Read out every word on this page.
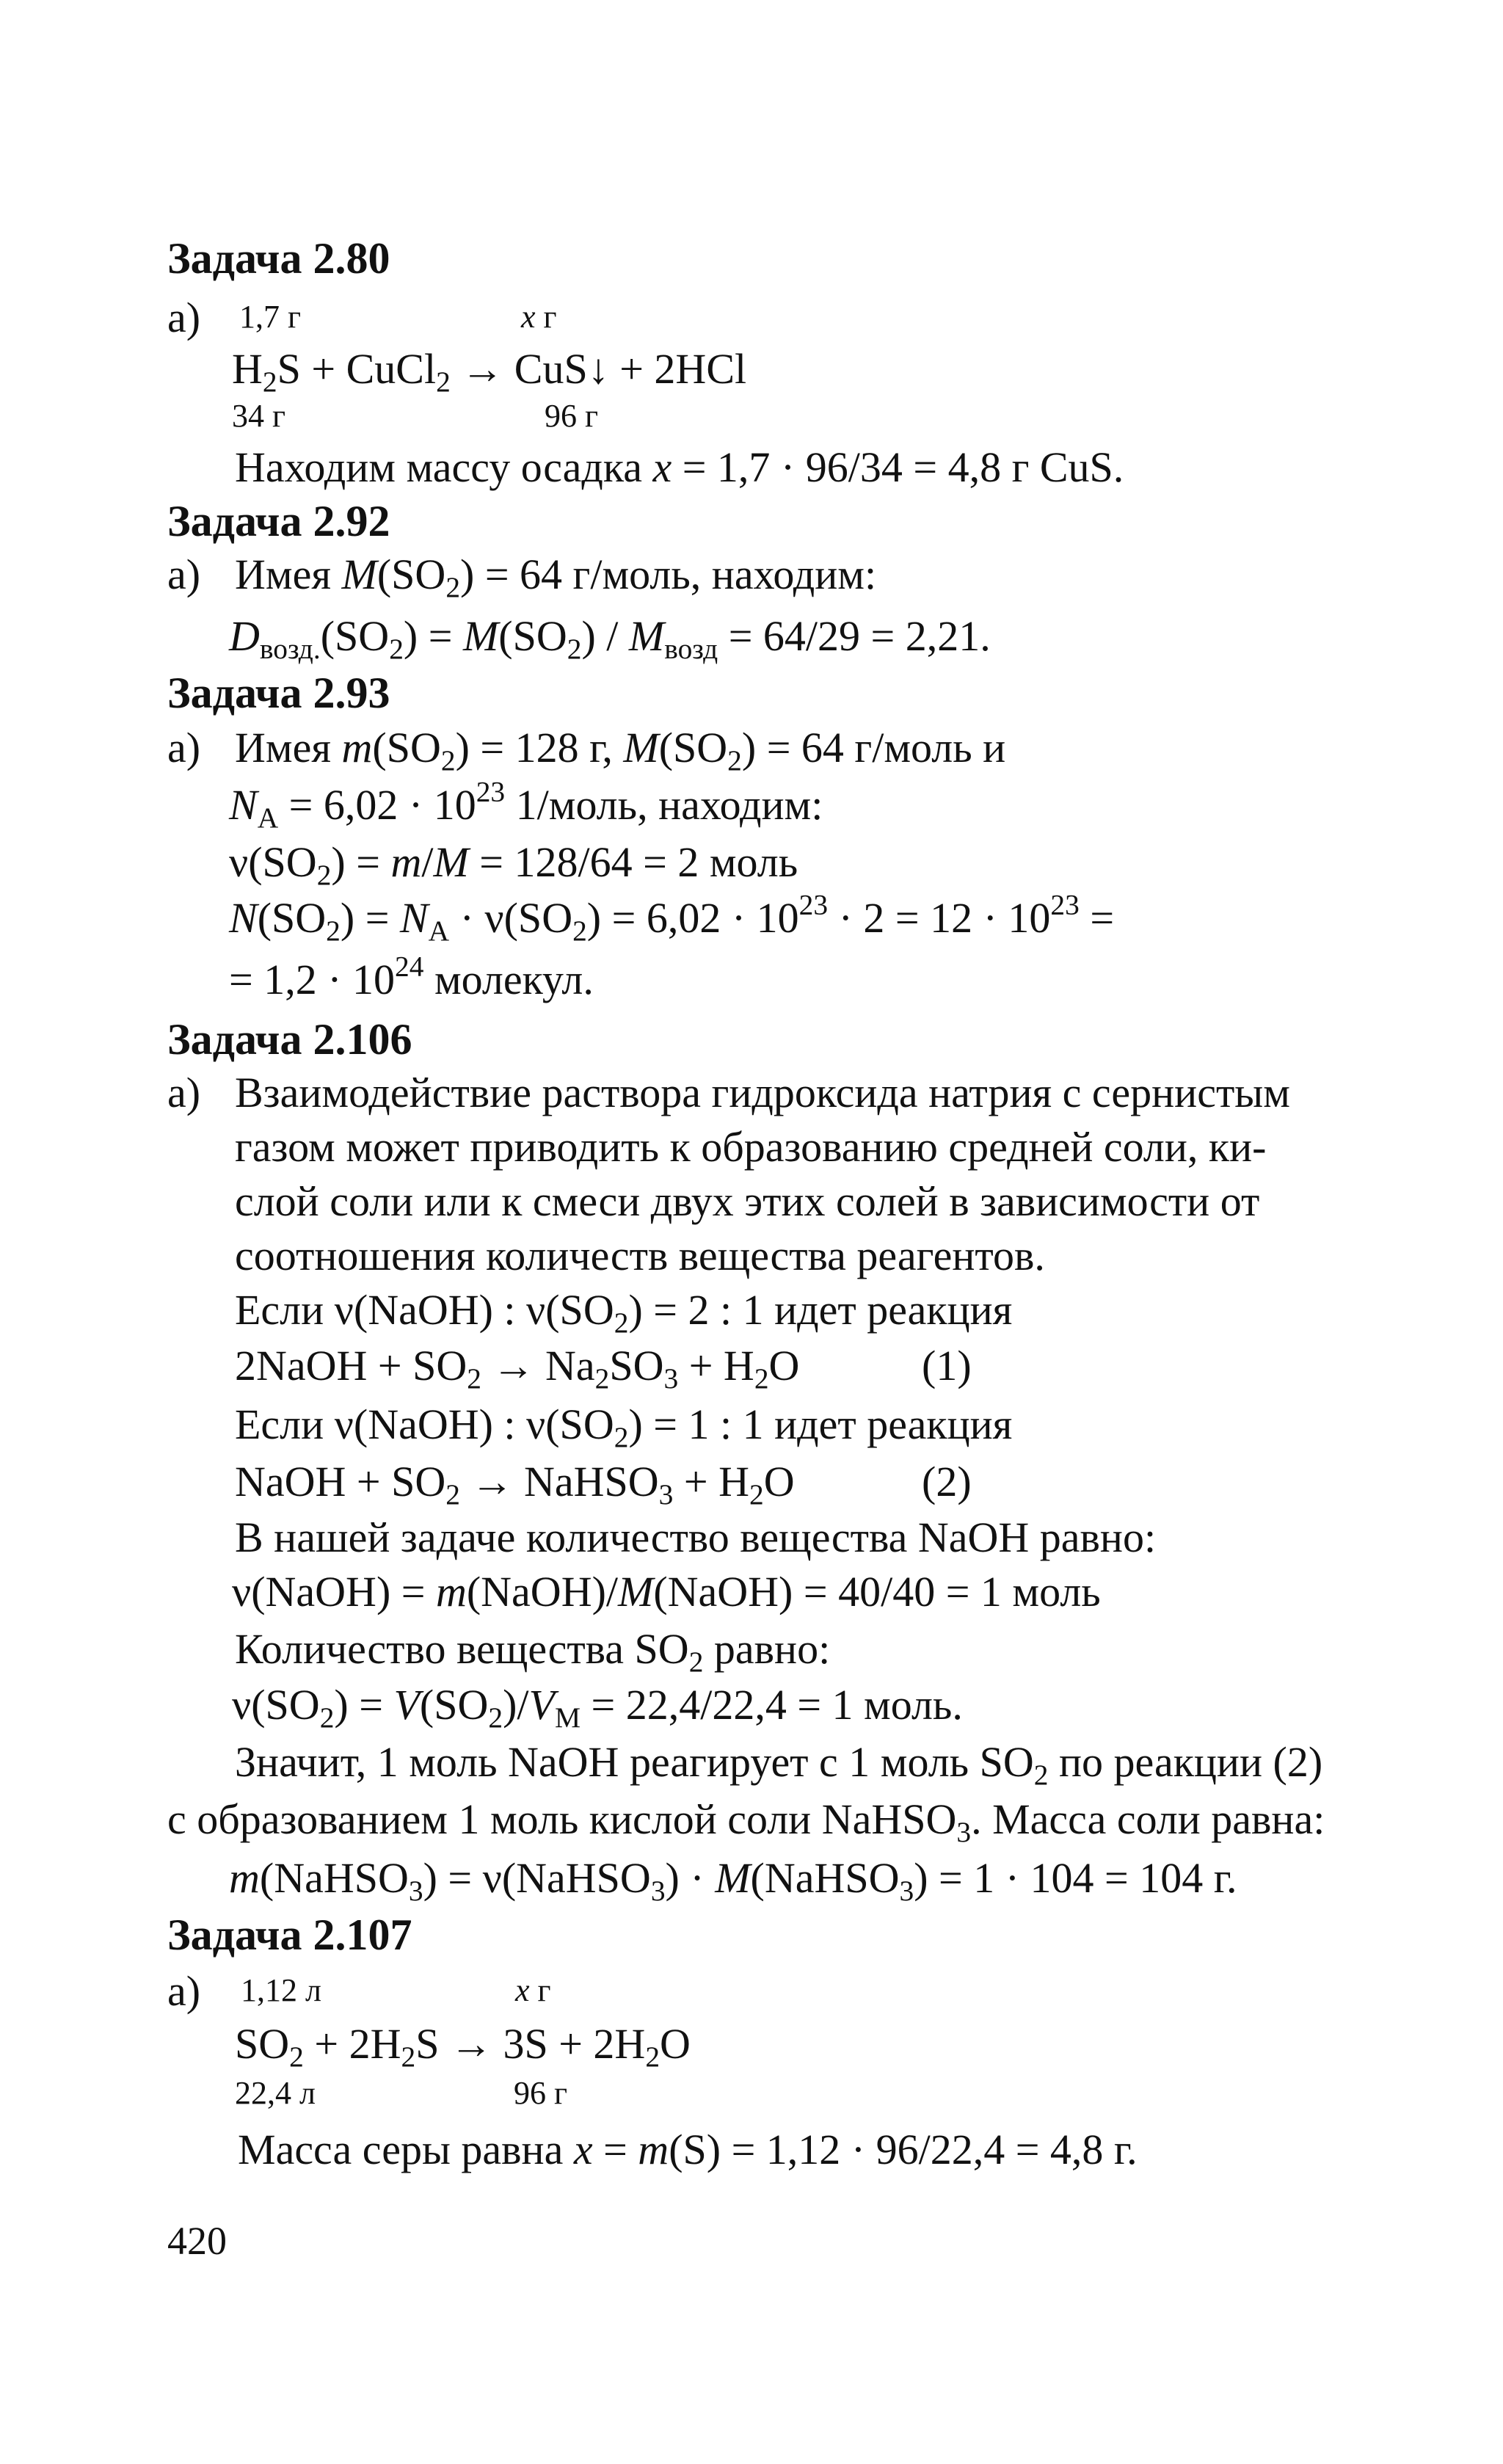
Задача 2.80
а) 1,7 г	x г
$H_2S$ + CuCl$_2$ → CuS↓ + 2HCl
34 г	96 г
Находим массу осадка x = 1,7 · 96/34 = 4,8 г CuS.
Задача 2.92
а) Имея $M(SO_2) = 64$ г/моль, находим:
$D_{возд.}(SO_2) = M(SO_2) / M_{возд} = 64/29 = 2,21$.
Задача 2.93
а) Имея $m(SO_2) = 128$ г, $M(SO_2) = 64$ г/моль и
$N_A = 6,02 \cdot 10^{23}$ 1/моль, находим:
$\nu(SO_2) = m/M = 128/64 = 2$ моль
$N(SO_2) = N_A \cdot \nu(SO_2) = 6,02 \cdot 10^{23} \cdot 2 = 12 \cdot 10^{23}$ =
= $1,2 \cdot 10^{24}$ молекул.
Задача 2.106
а) Взаимодействие раствора гидроксида натрия с сернистым
газом может приводить к образованию средней соли, ки-
слой соли или к смеси двух этих солей в зависимости от
соотношения количеств вещества реагентов.
Если ν(NaOH) : $\nu(SO_2) = 2$ : 1 идет реакция
2NaOH + $SO_2 \to Na_2SO_3 + H_2O$	(1)
Если ν(NaOH) : $\nu(SO_2) = 1$ : 1 идет реакция
NaOH + $SO_2$ → NaHSO$_3$ + $H_2O$	(2)
В нашей задаче количество вещества NaOH равно:
ν(NaOH) = m(NaOH)/M(NaOH) = 40/40 = 1 моль
Количество вещества $SO_2$ равно:
$\nu(SO_2) = V(SO_2)/V_M = 22,4/22,4 = 1$ моль.
Значит, 1 моль NaOH реагирует с 1 моль $SO_2$ по реакции (2)
с образованием 1 моль кислой соли NaHSO$_3$. Масса соли равна:
m(NaHSO$_3$) = ν(NaHSO$_3$) · M(NaHSO$_3$) = 1 · 104 = 104 г.
Задача 2.107
а) 1,12 л	x г
$SO_2 + 2H_2S \to 3S + 2H_2O$
22,4 л	96 г
Масса серы равна x = m(S) = 1,12 · 96/22,4 = 4,8 г.
420
